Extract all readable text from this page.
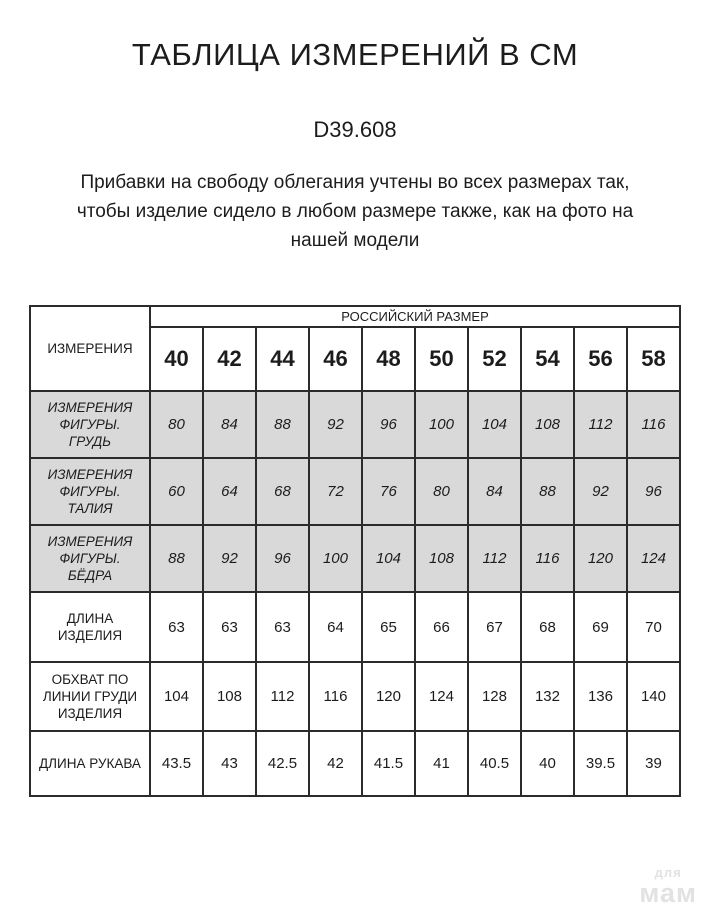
ТАБЛИЦА ИЗМЕРЕНИЙ В СМ
D39.608
Прибавки на свободу облегания учтены во всех размерах так,
чтобы изделие сидело в любом размере также, как на фото на
нашей модели
ИЗМЕРЕНИЯ	РОССИЙСКИЙ РАЗМЕР									
	40	42	44	46	48	50	52	54	56	58
ИЗМЕРЕНИЯ ФИГУРЫ. ГРУДЬ	80	84	88	92	96	100	104	108	112	116
ИЗМЕРЕНИЯ ФИГУРЫ. ТАЛИЯ	60	64	68	72	76	80	84	88	92	96
ИЗМЕРЕНИЯ ФИГУРЫ. БЁДРА	88	92	96	100	104	108	112	116	120	124
ДЛИНА ИЗДЕЛИЯ	63	63	63	64	65	66	67	68	69	70
ОБХВАТ ПО ЛИНИИ ГРУДИ ИЗДЕЛИЯ	104	108	112	116	120	124	128	132	136	140
ДЛИНА РУКАВА	43.5	43	42.5	42	41.5	41	40.5	40	39.5	39
для
мам
